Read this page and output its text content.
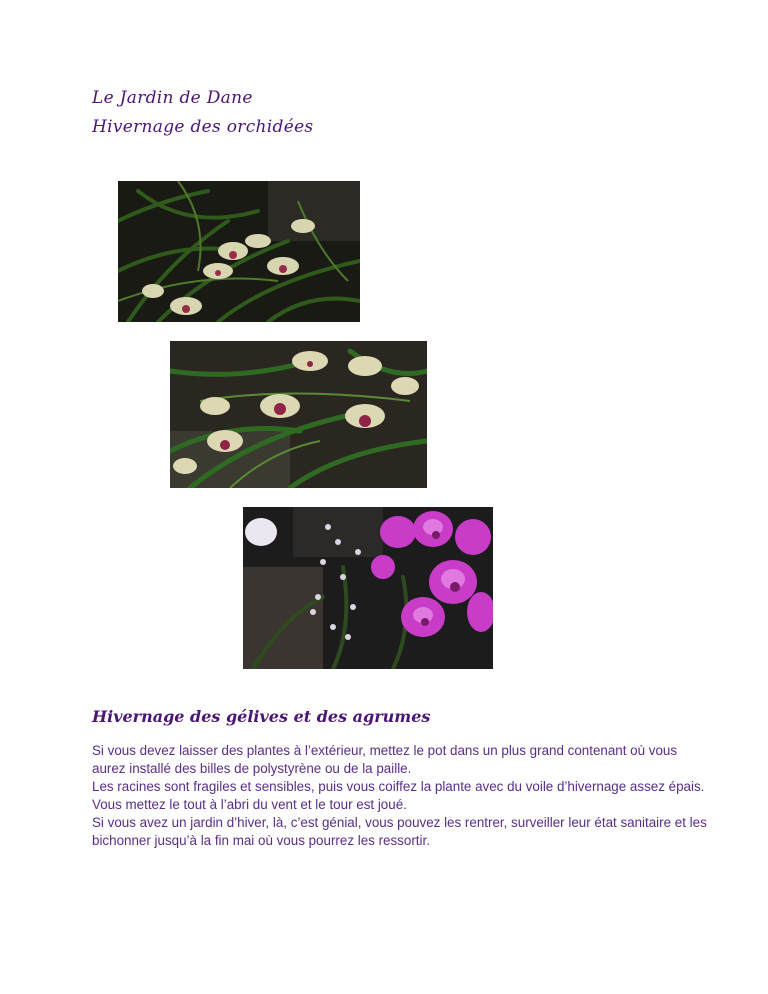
Le Jardin de Dane
Hivernage des orchidées
Hivernage des gélives et des agrumes

Si vous devez laisser des plantes à l’extérieur, mettez le pot dans un plus grand contenant où vous aurez installé des billes de polystyrène ou de la paille.

Les racines sont fragiles et sensibles, puis vous coiffez la plante avec du voile d’hivernage assez épais. Vous mettez le tout à l’abri du vent et le tour est joué.

Si vous avez un jardin d’hiver, là, c’est génial, vous pouvez les rentrer, surveiller leur état sanitaire et les bichonner jusqu’à la fin mai où vous pourrez les ressortir.
